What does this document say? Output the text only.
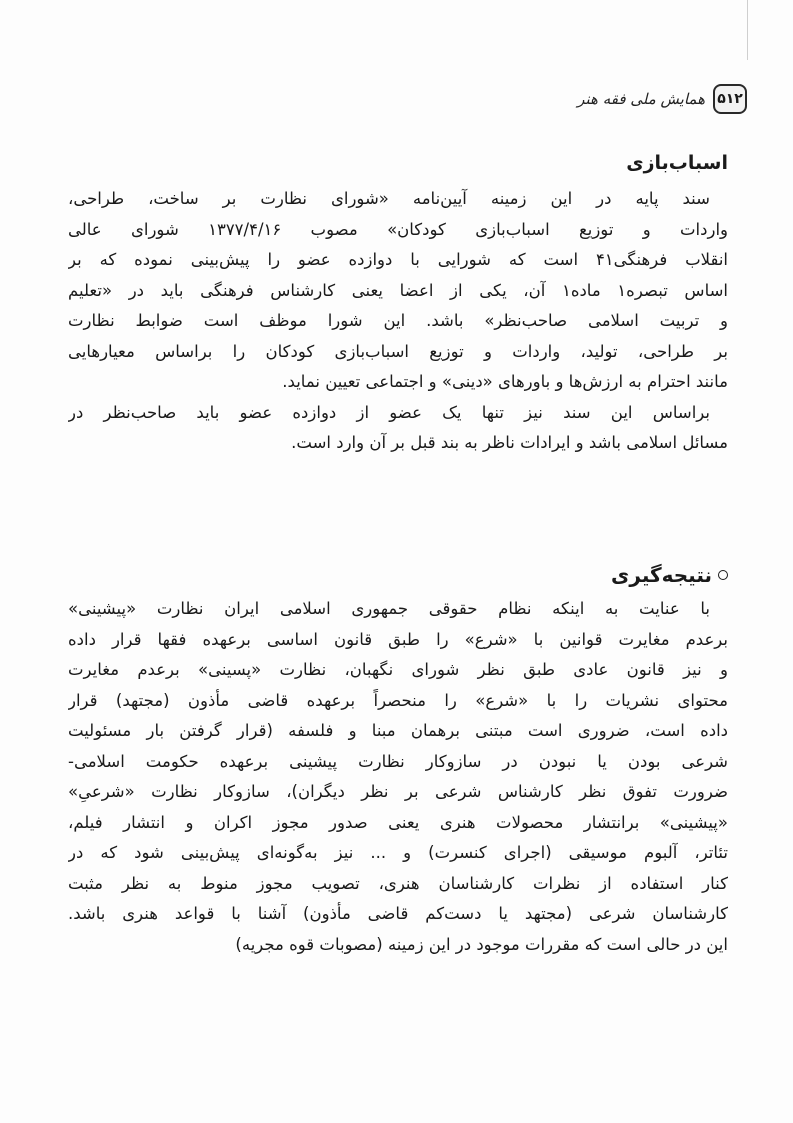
۵۱۲
همایش ملی فقه هنر
اسباب‌بازی
سند پایه در این زمینه آیین‌نامه «شورای نظارت بر ساخت، طراحی،
واردات و توزیع اسباب‌بازی کودکان» مصوب ۱۳۷۷/۴/۱۶ شورای عالی
انقلاب فرهنگی۴۱ است که شورایی با دوازده عضو را پیش‌بینی نموده که بر
اساس تبصره۱ ماده۱ آن، یکی از اعضا یعنی کارشناس فرهنگی باید در «تعلیم
و تربیت اسلامی صاحب‌نظر» باشد. این شورا موظف است ضوابط نظارت
بر طراحی، تولید، واردات و توزیع اسباب‌بازی کودکان را براساس معیارهایی
مانند احترام به ارزش‌ها و باورهای «دینی» و اجتماعی تعیین نماید.
براساس این سند نیز تنها یک عضو از دوازده عضو باید صاحب‌نظر در
مسائل اسلامی باشد و ایرادات ناظر به بند قبل بر آن وارد است.
نتیجه‌گیری
با عنایت به اینکه نظام حقوقی جمهوری اسلامی ایران نظارت «پیشینی»
برعدم مغایرت قوانین با «شرع» را طبق قانون اساسی برعهده فقها قرار داده
و نیز قانون عادی طبق نظر شورای نگهبان، نظارت «پسینی» برعدم مغایرت
محتوای نشریات را با «شرع» را منحصراً برعهده قاضی مأذون (مجتهد) قرار
داده است، ضروری است مبتنی برهمان مبنا و فلسفه (قرار گرفتن بار مسئولیت
شرعی بودن یا نبودن در سازوکار نظارت پیشینی برعهده حکومت اسلامی-
ضرورت تفوق نظر کارشناس شرعی بر نظر دیگران)، سازوکار نظارت «شرعیِ»
«پیشینی» برانتشار محصولات هنری یعنی صدور مجوز اکران و انتشار فیلم،
تئاتر، آلبوم موسیقی (اجرای کنسرت) و ... نیز به‌گونه‌ای پیش‌بینی شود که در
کنار استفاده از نظرات کارشناسان هنری، تصویب مجوز منوط به نظر مثبت
کارشناسان شرعی (مجتهد یا دست‌کم قاضی مأذون) آشنا با قواعد هنری باشد.
این در حالی است که مقررات موجود در این زمینه (مصوبات قوه مجریه)
